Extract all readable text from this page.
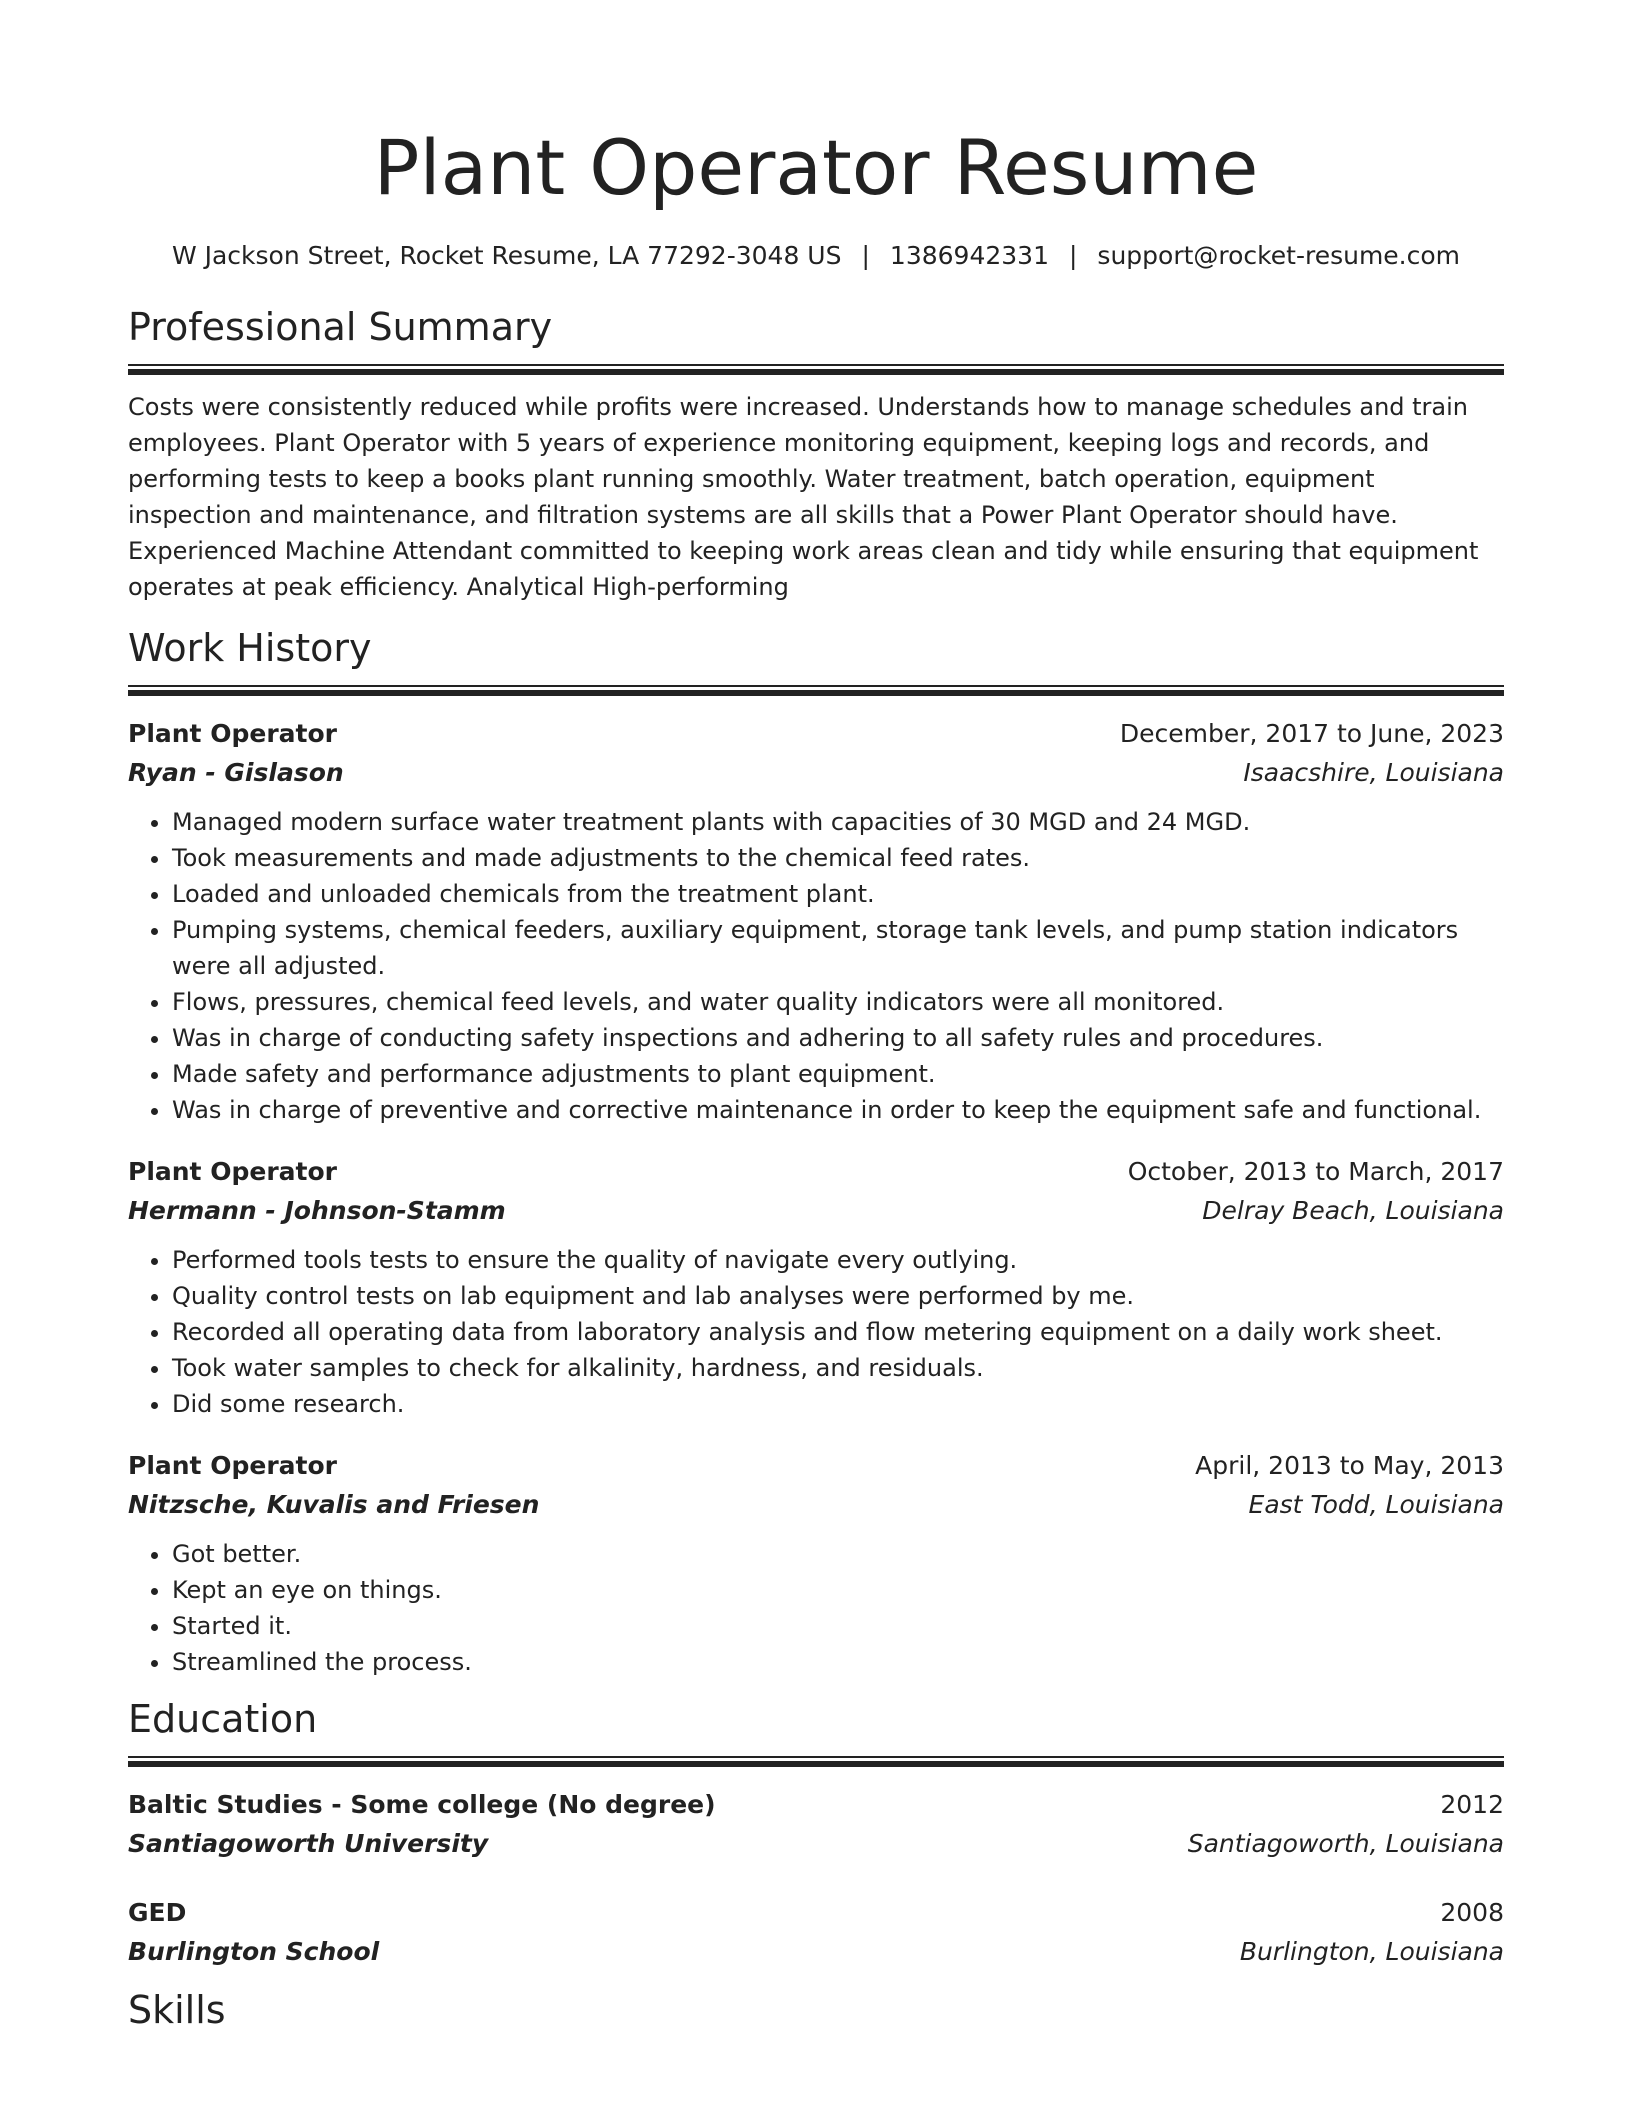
Plant Operator Resume
W Jackson Street, Rocket Resume, LA 77292-3048 US | 1386942331 | support@rocket-resume.com
Professional Summary

Costs were consistently reduced while profits were increased. Understands how to manage schedules and train employees. Plant Operator with 5 years of experience monitoring equipment, keeping logs and records, and performing tests to keep a books plant running smoothly. Water treatment, batch operation, equipment inspection and maintenance, and filtration systems are all skills that a Power Plant Operator should have. Experienced Machine Attendant committed to keeping work areas clean and tidy while ensuring that equipment operates at peak efficiency. Analytical High-performing

Work History
Plant Operator	December, 2017 to June, 2023
Ryan - Gislason	Isaacshire, Louisiana
• Managed modern surface water treatment plants with capacities of 30 MGD and 24 MGD.
• Took measurements and made adjustments to the chemical feed rates.
• Loaded and unloaded chemicals from the treatment plant.
• Pumping systems, chemical feeders, auxiliary equipment, storage tank levels, and pump station indicators were all adjusted.
• Flows, pressures, chemical feed levels, and water quality indicators were all monitored.
• Was in charge of conducting safety inspections and adhering to all safety rules and procedures.
• Made safety and performance adjustments to plant equipment.
• Was in charge of preventive and corrective maintenance in order to keep the equipment safe and functional.
Plant Operator	October, 2013 to March, 2017
Hermann - Johnson-Stamm	Delray Beach, Louisiana
• Performed tools tests to ensure the quality of navigate every outlying.
• Quality control tests on lab equipment and lab analyses were performed by me.
• Recorded all operating data from laboratory analysis and flow metering equipment on a daily work sheet.
• Took water samples to check for alkalinity, hardness, and residuals.
• Did some research.
Plant Operator	April, 2013 to May, 2013
Nitzsche, Kuvalis and Friesen	East Todd, Louisiana
• Got better.
• Kept an eye on things.
• Started it.
• Streamlined the process.
Education
Baltic Studies - Some college (No degree)	2012
Santiagoworth University	Santiagoworth, Louisiana
GED	2008
Burlington School	Burlington, Louisiana
Skills
